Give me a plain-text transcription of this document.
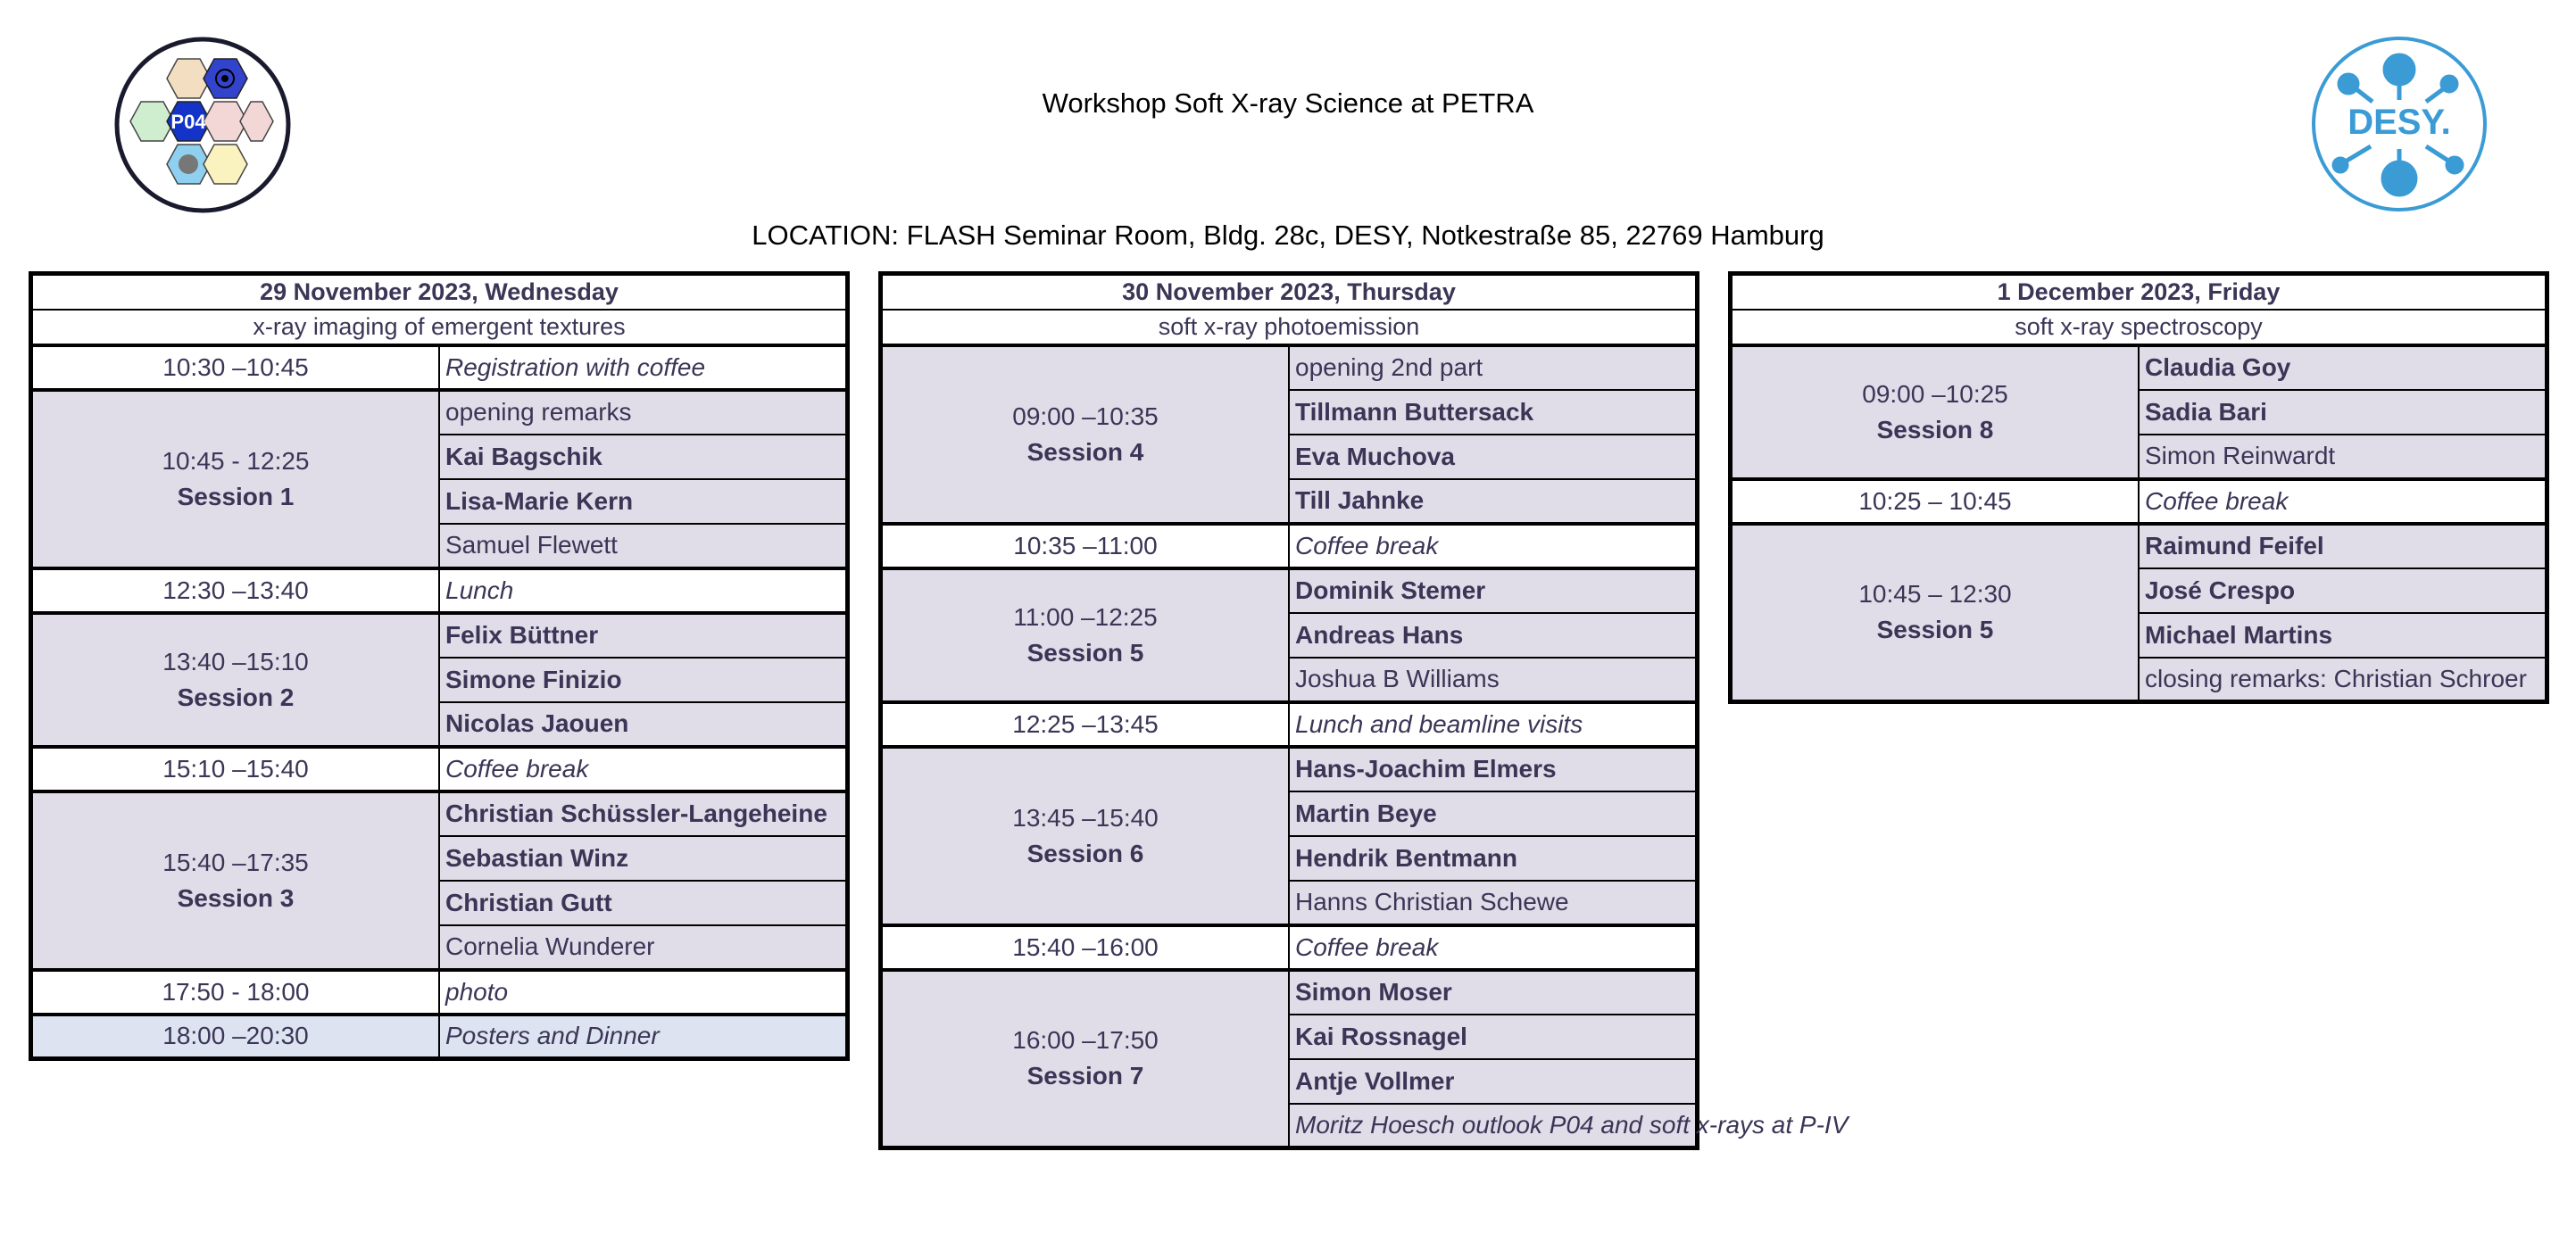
P04	DESY.
Workshop Soft X-ray Science at PETRA
LOCATION: FLASH Seminar Room, Bldg. 28c, DESY, Notkestraße 85, 22769 Hamburg
29 November 2023, Wednesday	
x-ray imaging of emergent textures	
10:30 –10:45	Registration with coffee
10:45 - 12:25
Session 1	opening remarks
	Kai Bagschik
	Lisa-Marie Kern
	Samuel Flewett
12:30 –13:40	Lunch
13:40 –15:10
Session 2	Felix Büttner
	Simone Finizio
	Nicolas Jaouen
15:10 –15:40	Coffee break
15:40 –17:35
Session 3	Christian Schüssler-Langeheine
	Sebastian Winz
	Christian Gutt
	Cornelia Wunderer
17:50 - 18:00	photo
18:00 –20:30	Posters and Dinner
30 November 2023, Thursday	
soft x-ray photoemission	
09:00 –10:35
Session 4	opening 2nd part
	Tillmann Buttersack
	Eva Muchova
	Till Jahnke
10:35 –11:00	Coffee break
11:00 –12:25
Session 5	Dominik Stemer
	Andreas Hans
	Joshua B Williams
12:25 –13:45	Lunch and beamline visits
13:45 –15:40
Session 6	Hans-Joachim Elmers
	Martin Beye
	Hendrik Bentmann
	Hanns Christian Schewe
15:40 –16:00	Coffee break
16:00 –17:50
Session 7	Simon Moser
	Kai Rossnagel
	Antje Vollmer
	Moritz Hoesch outlook P04 and soft x-rays at P-IV
1 December 2023, Friday	
soft x-ray spectroscopy	
09:00 –10:25
Session 8	Claudia Goy
	Sadia Bari
	Simon Reinwardt
10:25 – 10:45	Coffee break
10:45 – 12:30
Session 5	Raimund Feifel
	José Crespo
	Michael Martins
	closing remarks: Christian Schroer
